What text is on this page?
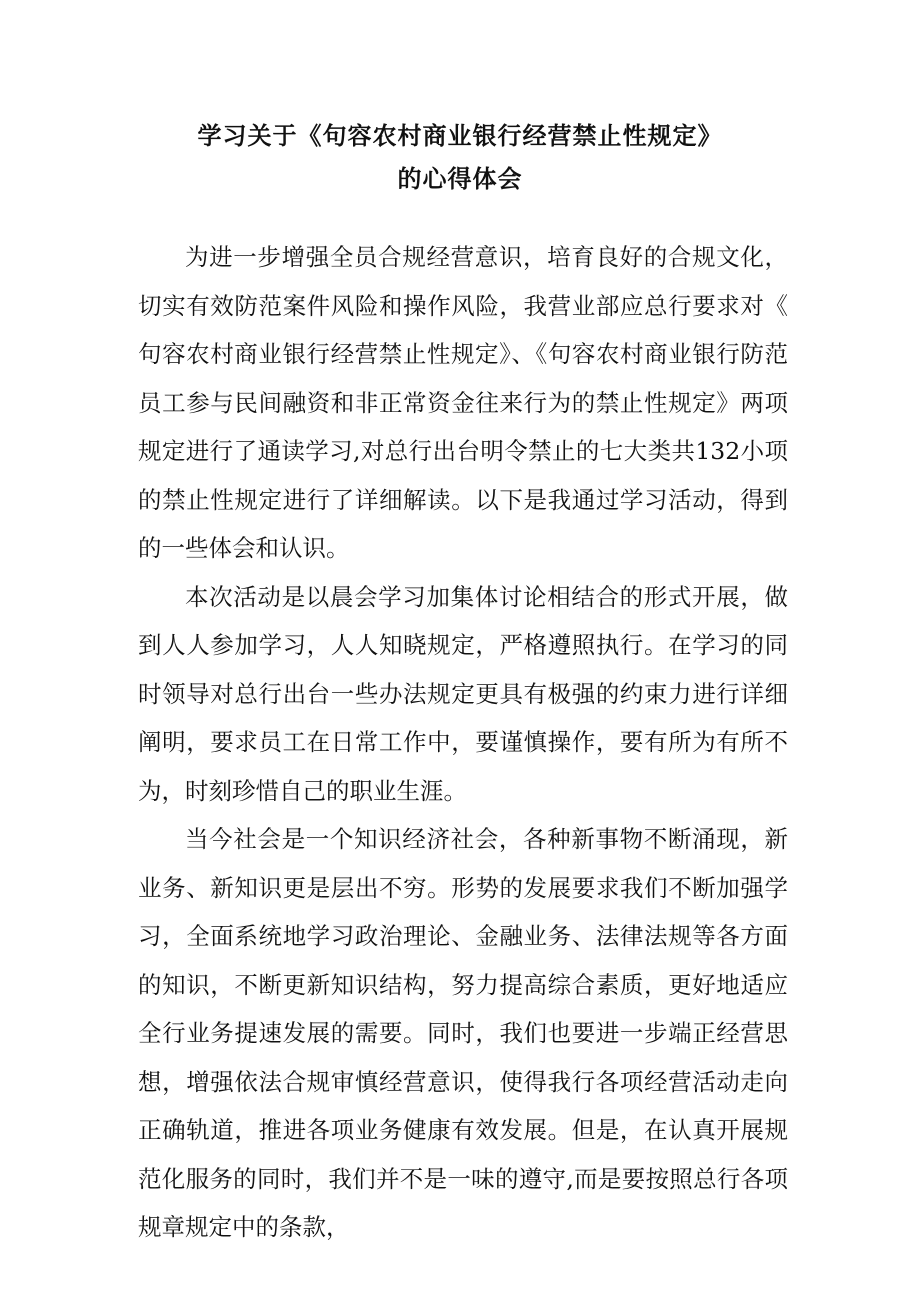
学习关于《句容农村商业银行经营禁止性规定》
的心得体会

为进一步增强全员合规经营意识，培育良好的合规文化，切实有效防范案件风险和操作风险，我营业部应总行要求对《句容农村商业银行经营禁止性规定》、《句容农村商业银行防范员工参与民间融资和非正常资金往来行为的禁止性规定》两项规定进行了通读学习,对总行出台明令禁止的七大类共132小项的禁止性规定进行了详细解读。以下是我通过学习活动，得到的一些体会和认识。

本次活动是以晨会学习加集体讨论相结合的形式开展，做到人人参加学习，人人知晓规定，严格遵照执行。在学习的同时领导对总行出台一些办法规定更具有极强的约束力进行详细阐明，要求员工在日常工作中，要谨慎操作，要有所为有所不为，时刻珍惜自己的职业生涯。

当今社会是一个知识经济社会，各种新事物不断涌现，新业务、新知识更是层出不穷。形势的发展要求我们不断加强学习，全面系统地学习政治理论、金融业务、法律法规等各方面的知识，不断更新知识结构，努力提高综合素质，更好地适应全行业务提速发展的需要。同时，我们也要进一步端正经营思想，增强依法合规审慎经营意识，使得我行各项经营活动走向正确轨道，推进各项业务健康有效发展。但是，在认真开展规范化服务的同时，我们并不是一味的遵守,而是要按照总行各项规章规定中的条款，
